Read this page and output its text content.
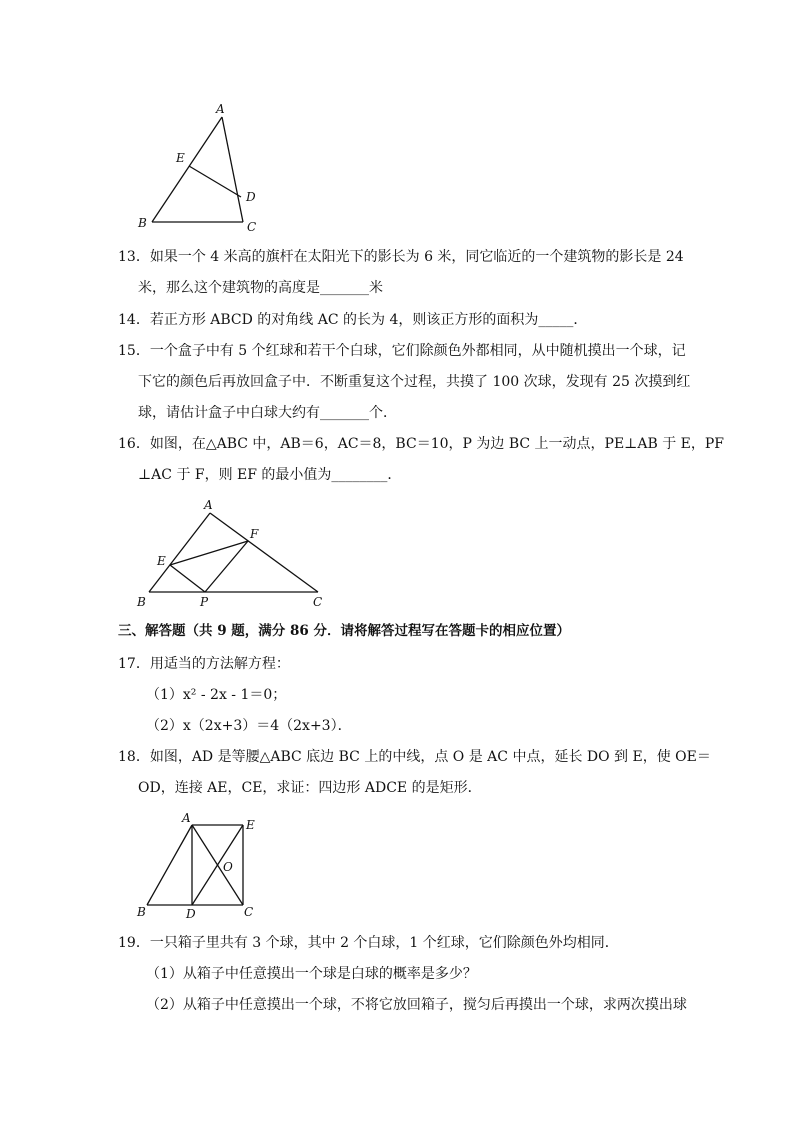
A
E
D
B	C
13．如果一个 4 米高的旗杆在太阳光下的影长为 6 米，同它临近的一个建筑物的影长是 24
米，那么这个建筑物的高度是_______米
14．若正方形 ABCD 的对角线 AC 的长为 4，则该正方形的面积为_____．
15．一个盒子中有 5 个红球和若干个白球，它们除颜色外都相同，从中随机摸出一个球，记
下它的颜色后再放回盒子中．不断重复这个过程，共摸了 100 次球，发现有 25 次摸到红
球，请估计盒子中白球大约有_______个．
16．如图，在△ABC 中，AB＝6，AC＝8，BC＝10，P 为边 BC 上一动点，PE⊥AB 于 E，PF
⊥AC 于 F，则 EF 的最小值为________．
A
F
E
B	P	C
三、解答题（共 9 题，满分 86 分．请将解答过程写在答题卡的相应位置）
17．用适当的方法解方程：
（1）x² - 2x - 1＝0；
（2）x（2x+3）＝4（2x+3）．
18．如图，AD 是等腰△ABC 底边 BC 上的中线，点 O 是 AC 中点，延长 DO 到 E，使 OE＝
OD，连接 AE，CE，求证：四边形 ADCE 的是矩形．
A	E
O
B	D	C
19．一只箱子里共有 3 个球，其中 2 个白球，1 个红球，它们除颜色外均相同．
（1）从箱子中任意摸出一个球是白球的概率是多少？
（2）从箱子中任意摸出一个球，不将它放回箱子，搅匀后再摸出一个球，求两次摸出球
